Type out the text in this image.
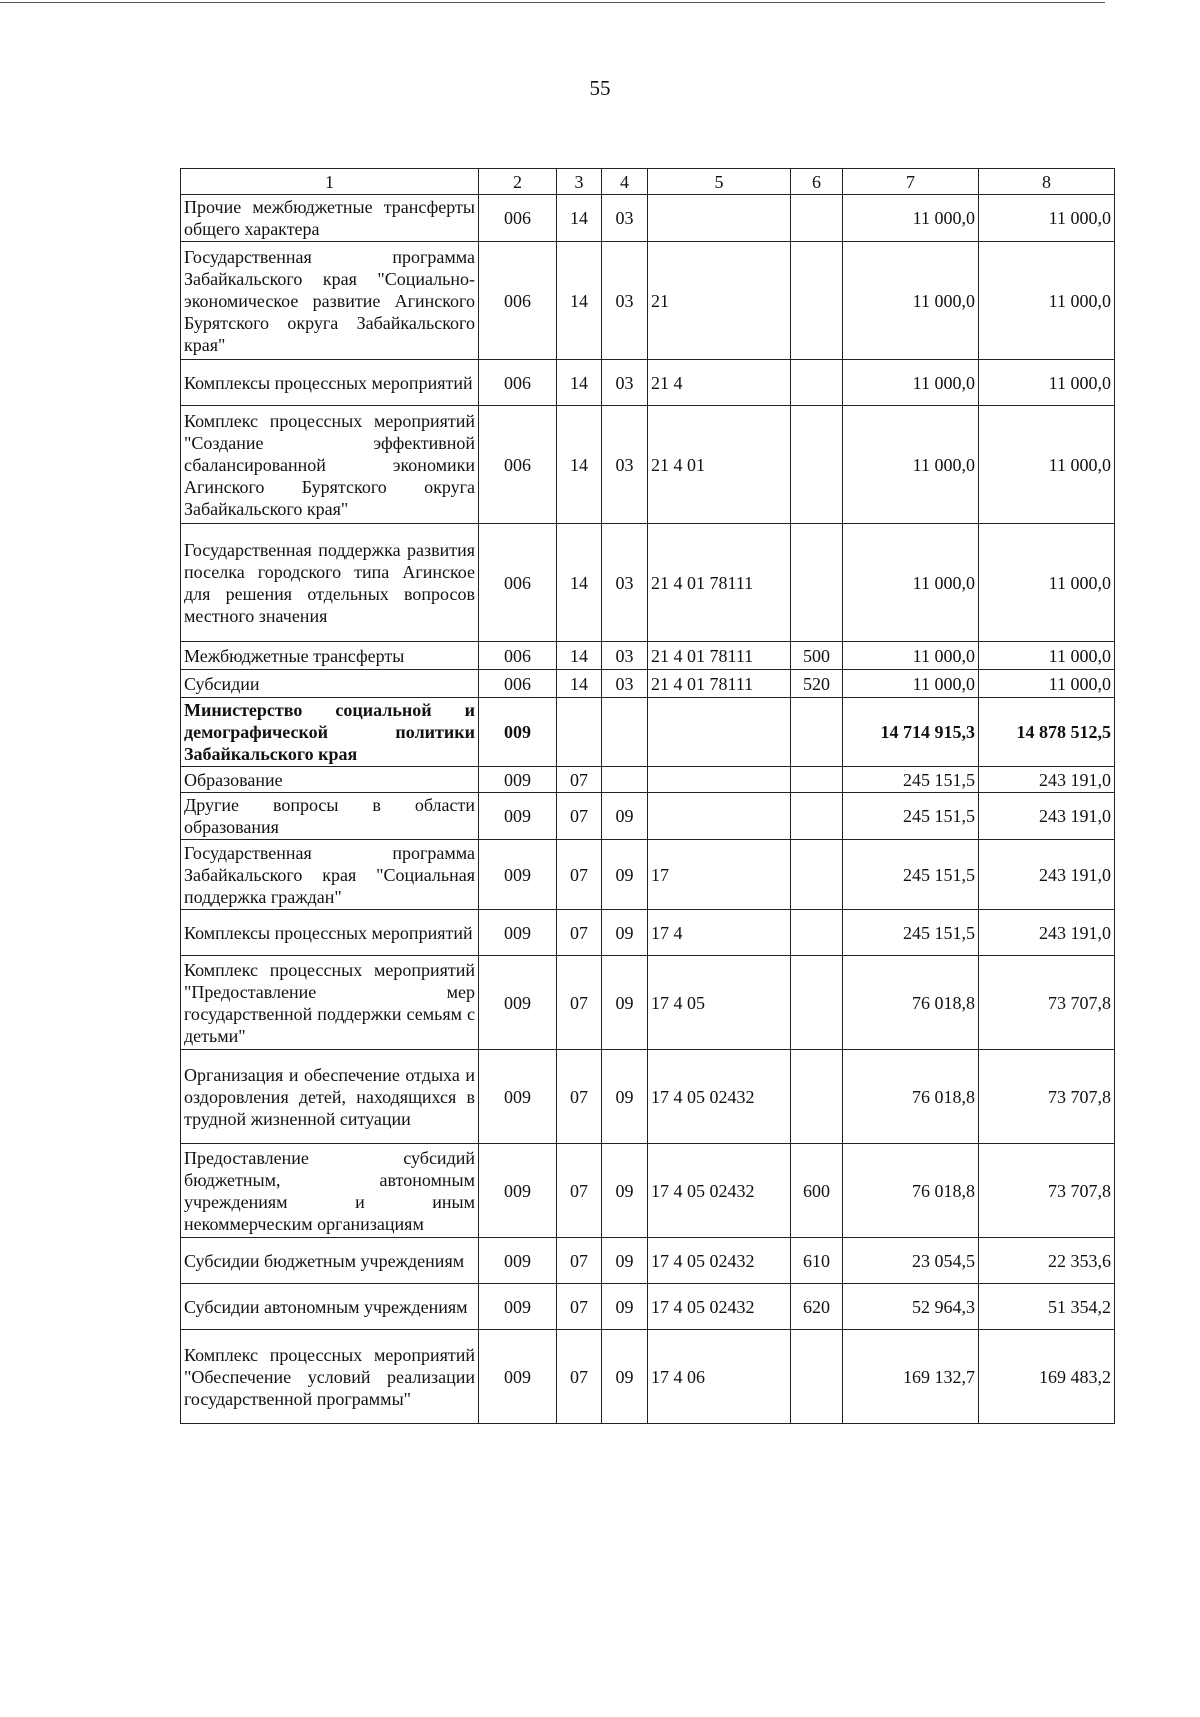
55
1	2	3	4	5	6	7	8
Прочие межбюджетные трансферты общего характера	006	14	03			11 000,0	11 000,0
Государственная программа Забайкальского края "Социально-экономическое развитие Агинского Бурятского округа Забайкальского края"	006	14	03	21		11 000,0	11 000,0
Комплексы процессных мероприятий	006	14	03	21 4		11 000,0	11 000,0
Комплекс процессных мероприятий "Создание эффективной сбалансированной экономики Агинского Бурятского округа Забайкальского края"	006	14	03	21 4 01		11 000,0	11 000,0
Государственная поддержка развития поселка городского типа Агинское для решения отдельных вопросов местного значения	006	14	03	21 4 01 78111		11 000,0	11 000,0
Межбюджетные трансферты	006	14	03	21 4 01 78111	500	11 000,0	11 000,0
Субсидии	006	14	03	21 4 01 78111	520	11 000,0	11 000,0
Министерство социальной и демографической политики Забайкальского края	009					14 714 915,3	14 878 512,5
Образование	009	07				245 151,5	243 191,0
Другие вопросы в области образования	009	07	09			245 151,5	243 191,0
Государственная программа Забайкальского края "Социальная поддержка граждан"	009	07	09	17		245 151,5	243 191,0
Комплексы процессных мероприятий	009	07	09	17 4		245 151,5	243 191,0
Комплекс процессных мероприятий "Предоставление мер государственной поддержки семьям с детьми"	009	07	09	17 4 05		76 018,8	73 707,8
Организация и обеспечение отдыха и оздоровления детей, находящихся в трудной жизненной ситуации	009	07	09	17 4 05 02432		76 018,8	73 707,8
Предоставление субсидий бюджетным, автономным учреждениям и иным некоммерческим организациям	009	07	09	17 4 05 02432	600	76 018,8	73 707,8
Субсидии бюджетным учреждениям	009	07	09	17 4 05 02432	610	23 054,5	22 353,6
Субсидии автономным учреждениям	009	07	09	17 4 05 02432	620	52 964,3	51 354,2
Комплекс процессных мероприятий "Обеспечение условий реализации государственной программы"	009	07	09	17 4 06		169 132,7	169 483,2
